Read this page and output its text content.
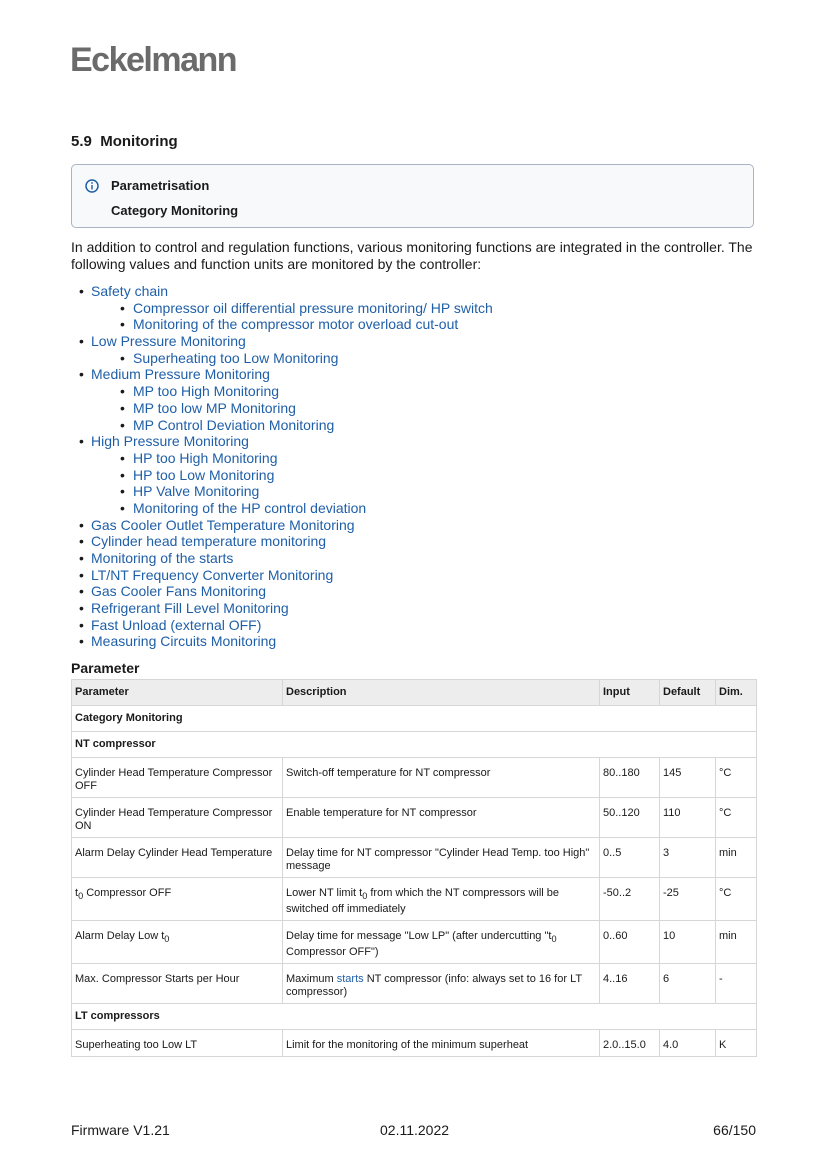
Eckelmann
5.9 Monitoring
Parametrisation
Category Monitoring

In addition to control and regulation functions, various monitoring functions are integrated in the controller. The following values and function units are monitored by the controller:

• Safety chain
• Compressor oil differential pressure monitoring/ HP switch
• Monitoring of the compressor motor overload cut-out
• Low Pressure Monitoring
• Superheating too Low Monitoring
• Medium Pressure Monitoring
• MP too High Monitoring
• MP too low MP Monitoring
• MP Control Deviation Monitoring
• High Pressure Monitoring
• HP too High Monitoring
• HP too Low Monitoring
• HP Valve Monitoring
• Monitoring of the HP control deviation
• Gas Cooler Outlet Temperature Monitoring
• Cylinder head temperature monitoring
• Monitoring of the starts
• LT/NT Frequency Converter Monitoring
• Gas Cooler Fans Monitoring
• Refrigerant Fill Level Monitoring
• Fast Unload (external OFF)
• Measuring Circuits Monitoring
Parameter
Parameter	Description	Input	Default	Dim.
Category Monitoring				
NT compressor				
Cylinder Head Temperature Compressor OFF	Switch-off temperature for NT compressor	80..180	145	°C
Cylinder Head Temperature Compressor ON	Enable temperature for NT compressor	50..120	110	°C
Alarm Delay Cylinder Head Temperature	Delay time for NT compressor "Cylinder Head Temp. too High" message	0..5	3	min
$t_0$ Compressor OFF	Lower NT limit $t_0$ from which the NT compressors will be switched off immediately	-50..2	-25	°C
Alarm Delay Low $t_0$	Delay time for message "Low LP" (after undercutting "$t_0$ Compressor OFF")	0..60	10	min
Max. Compressor Starts per Hour	Maximum starts NT compressor (info: always set to 16 for LT compressor)	4..16	6	-
LT compressors				
Superheating too Low LT	Limit for the monitoring of the minimum superheat	2.0..15.0	4.0	K
Firmware V1.21	02.11.2022	66/150
